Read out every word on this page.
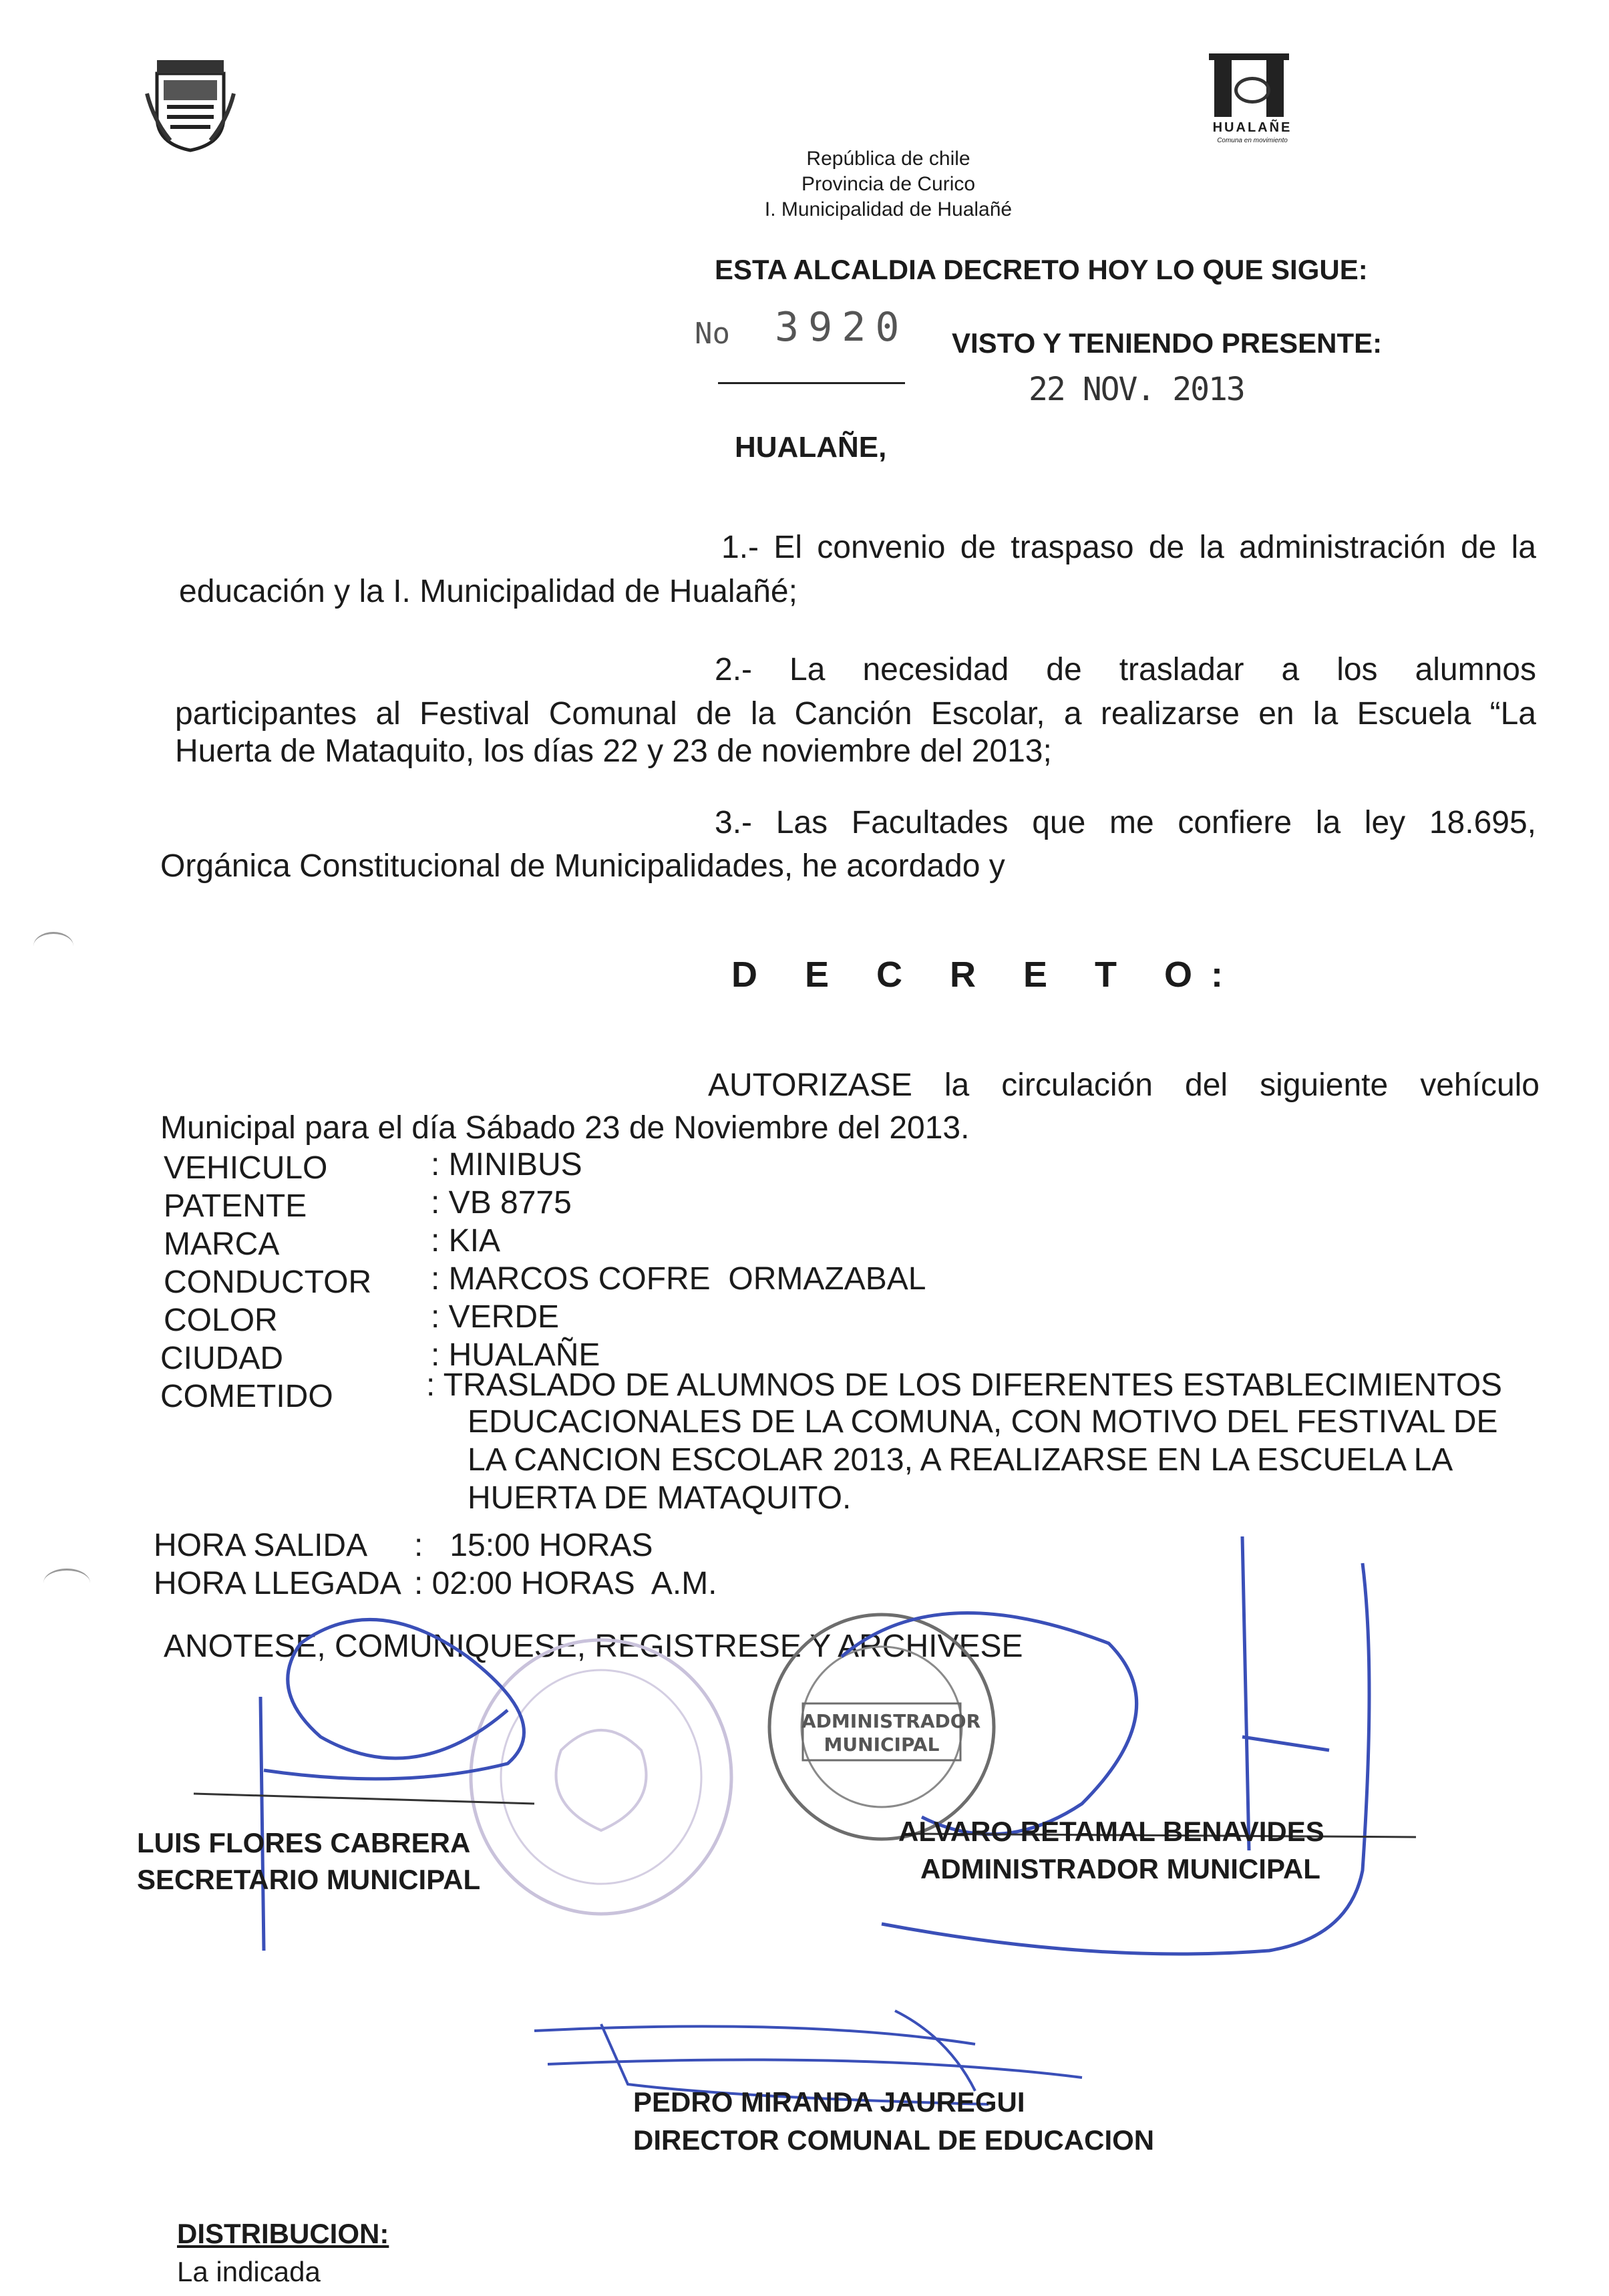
HUALAÑE
Comuna en movimiento
República de chile
Provincia de Curico
I. Municipalidad de Hualañé
ESTA ALCALDIA DECRETO HOY LO QUE SIGUE:
No 3920 VISTO Y TENIENDO PRESENTE:
22 NOV. 2013
HUALAÑE,
1.- El convenio de traspaso de la administración de la
educación y la I. Municipalidad de Hualañé;
2.- La necesidad de trasladar a los alumnos
participantes al Festival Comunal de la Canción Escolar, a realizarse en la Escuela “La
Huerta de Mataquito, los días 22 y 23 de noviembre del 2013;
3.- Las Facultades que me confiere la ley 18.695,
Orgánica Constitucional de Municipalidades, he acordado y
D E C R E T O:
AUTORIZASE la circulación del siguiente vehículo
Municipal para el día Sábado 23 de Noviembre del 2013.
VEHICULO	: MINIBUS
PATENTE	: VB 8775
MARCA	: KIA
CONDUCTOR : MARCOS COFRE  ORMAZABAL
COLOR	: VERDE
CIUDAD	: HUALAÑE
COMETIDO	: TRASLADO DE ALUMNOS DE LOS DIFERENTES ESTABLECIMIENTOS
EDUCACIONALES DE LA COMUNA, CON MOTIVO DEL FESTIVAL DE
LA CANCION ESCOLAR 2013, A REALIZARSE EN LA ESCUELA LA
HUERTA DE MATAQUITO.
HORA SALIDA :   15:00 HORAS
HORA LLEGADA : 02:00 HORAS  A.M.
ANOTESE, COMUNIQUESE, REGISTRESE Y ARCHIVESE
ADMINISTRADOR
MUNICIPAL
LUIS FLORES CABRERA
SECRETARIO MUNICIPAL
ALVARO RETAMAL BENAVIDES
ADMINISTRADOR MUNICIPAL
PEDRO MIRANDA JAUREGUI
DIRECTOR COMUNAL DE EDUCACION
DISTRIBUCION:
La indicada
